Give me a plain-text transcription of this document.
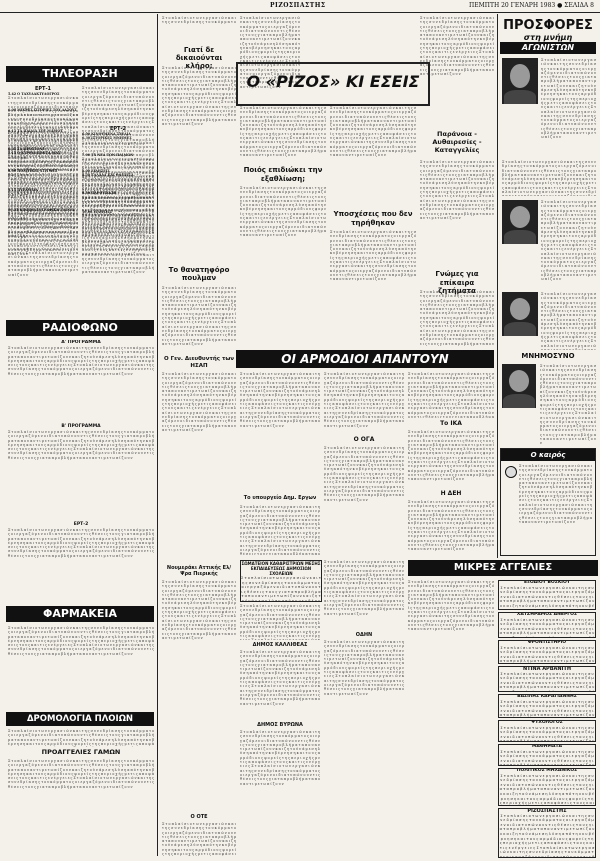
ΡΙΖΟΣΠΑΣΤΗΣ	ΠΕΜΠΤΗ 20 ΓΕΝΑΡΗ 1983 ● ΣΕΛΙΔΑ 8
ΤΗΛΕΟΡΑΣΗ
ΕΡΤ-1
5.42 Ο ΤΑΧΥΔΑΚΤΥΛΟΓΡΟΣ
Σ τ ο π λ α ί σ ι ο τ ω ν ε ρ γ α σ ι ώ ν κ α ι τ η ς σ υ ν ε δ ρ ί α σ η ς τ ο υ κ ό μ μ α τ ο ς ο ι ε ρ γ α ζ ό μ ε ν ο ι δ ι α τ υ π ώ ν ο υ ν τ ι ς θ έ σ ε ι ς τ ο υ ς γ ι α τ α π ρ ο β λ ή μ α τ α π ο υ α ν τ ι μ ε τ ω π ί ζ ο υ ν κ α ι ζ η τ ο ύ ν ά μ ε σ η λ ύ σ η α π ό τ η ν κ υ β έ ρ ν η σ η κ α ι τ ο υ ς α ρ μ ό δ ι ο υ ς φ ο ρ ε ί ς τ η ς π ε ρ ι ο χ ή ς μ ε τ ι ς α π ο φ ά σ ε ι ς τ ο υ ς κ α ι τ ι ς ε ν έ ρ γ ε ι ε ς Σ τ ο π λ α ί σ ι ο τ ω ν ε ρ γ α σ ι ώ ν κ α ι τ η ς σ υ ν ε δ ρ ί α σ η ς τ ο υ κ ό μ μ α τ ο ς ο ι ε ρ γ α ζ ό μ ε ν ο ι δ ι α τ υ π ώ ν ο υ ν τ ι ς θ έ σ ε ι ς τ ο υ ς γ ι α τ α π ρ ο β λ ή μ α τ α π ο υ α ν τ ι μ ε τ ω π ί ζ ο υ ν
6.00 ΜΙΚΡΕΣ ΙΣΤΟΡΙΕΣ ΤΟΥ ΔΑΣΟΥΣ
Σ τ ο π λ α ί σ ι ο τ ω ν ε ρ γ α σ ι ώ ν κ α ι τ η ς σ υ ν ε δ ρ ί α σ η ς τ ο υ κ ό μ μ α τ ο ς ο ι ε ρ γ α ζ ό μ ε ν ο ι δ ι α τ υ π ώ ν ο υ ν τ ι ς θ έ σ ε ι ς τ ο υ ς γ ι α τ α π ρ ο β λ ή μ α τ α π ο υ α ν τ ι μ ε τ ω π ί ζ ο υ ν κ α ι ζ η τ ο ύ ν ά μ ε σ η λ ύ σ η α π ό τ η ν κ υ β έ ρ ν η σ η κ α ι τ ο υ ς α ρ μ ό δ ι ο υ ς φ ο ρ ε ί ς τ η ς π ε ρ ι ο χ ή ς μ ε τ ι ς α π ο φ ά σ ε ι ς τ ο υ ς κ α ι τ ι ς ε ν έ ρ γ ε ι ε ς Σ τ ο π λ α ί σ ι ο τ ω ν ε ρ γ α σ ι ώ ν κ α ι τ η ς σ υ ν ε δ ρ ί α σ η ς τ ο υ κ ό μ μ α τ ο ς ο ι ε ρ γ α ζ ό μ ε ν ο ι δ ι α τ υ π ώ ν ο υ ν τ ι ς θ έ σ ε ι ς τ ο υ ς γ ι α τ α π ρ ο β λ ή μ α τ α π ο υ α ν τ ι μ ε τ ω π ί ζ ο υ ν
6.15 ΤΑ ΠΑΙΔΙΑ ΤΟΥ ΜΑΡΙΟΥ
Σ τ ο π λ α ί σ ι ο τ ω ν ε ρ γ α σ ι ώ ν κ α ι τ η ς σ υ ν ε δ ρ ί α σ η ς τ ο υ κ ό μ μ α τ ο ς ο ι ε ρ γ α ζ ό μ ε ν ο ι δ ι α τ υ π ώ ν ο υ ν τ ι ς θ έ σ ε ι ς τ ο υ ς γ ι α τ α π ρ ο β λ ή μ α τ α π ο υ α ν τ ι μ ε τ ω π ί ζ ο υ ν κ α ι ζ η τ ο ύ ν ά μ ε σ η λ ύ σ η α π ό τ η ν κ υ β έ ρ ν η σ η κ α ι τ ο υ ς α ρ μ ό δ ι ο υ ς φ ο ρ ε ί ς τ η ς π ε ρ ι ο χ ή ς μ ε τ ι ς α π ο φ ά σ ε ι ς τ ο υ ς κ α ι τ ι ς ε ν έ ρ γ ε ι ε ς Σ τ ο π λ α ί σ ι ο τ ω ν ε ρ γ α σ ι ώ ν κ α ι τ η ς σ υ ν ε δ ρ ί α σ η ς τ ο υ κ ό μ μ α τ ο ς ο ι ε ρ γ α ζ ό μ ε ν ο ι δ ι α τ υ π ώ ν ο υ ν τ ι ς θ έ σ ε ι ς τ ο υ ς γ ι α τ α π ρ ο β λ ή μ α τ α π ο υ α ν τ ι μ ε τ ω π ί ζ ο υ ν
6.35 ΤΑ ΠΡΟΣΤΟΝΙ
7.15 Ο ΚΥΡΙΟΣ ΚΟΝΤΑ ΜΑΣ
Σ τ ο π λ α ί σ ι ο τ ω ν ε ρ γ α σ ι ώ ν κ α ι τ η ς σ υ ν ε δ ρ ί α σ η ς τ ο υ κ ό μ μ α τ ο ς ο ι ε ρ γ α ζ ό μ ε ν ο ι δ ι α τ υ π ώ ν ο υ ν τ ι ς θ έ σ ε ι ς τ ο υ ς γ ι α τ α π ρ ο β λ ή μ α τ α π ο υ α ν τ ι μ ε τ ω π ί ζ ο υ ν κ α ι ζ η τ ο ύ ν ά μ ε σ η λ ύ σ η α π ό τ η ν κ υ β έ ρ ν η σ η κ α ι τ ο υ ς α ρ μ ό δ ι ο υ ς φ ο ρ ε ί ς τ η ς π ε ρ ι ο χ ή ς μ ε τ ι ς α π ο φ ά σ ε ι ς τ ο υ ς κ α ι τ ι ς ε ν έ ρ γ ε ι ε ς Σ τ ο π λ α ί σ ι ο τ ω ν ε ρ γ α σ ι ώ ν κ α ι τ η ς σ υ ν ε δ ρ ί α σ η ς τ ο υ κ ό μ μ α τ ο ς ο ι ε ρ γ α ζ ό μ ε ν ο ι δ ι α τ υ π ώ ν ο υ ν τ ι ς θ έ σ ε ι ς τ ο υ ς γ ι α τ α π ρ ο β λ ή μ α τ α π ο υ α ν τ ι μ ε τ ω π ί ζ ο υ ν
8.00 ΠΟΛΙΤΙΚΕΣ ΣΤΙΓΜΕΣ
Σ τ ο π λ α ί σ ι ο τ ω ν ε ρ γ α σ ι ώ ν κ α ι τ η ς σ υ ν ε δ ρ ί α σ η ς τ ο υ κ ό μ μ α τ ο ς ο ι ε ρ γ α ζ ό μ ε ν ο ι δ ι α τ υ π ώ ν ο υ ν τ ι ς θ έ σ ε ι ς τ ο υ ς γ ι α τ α π ρ ο β λ ή μ α τ α π ο υ α ν τ ι μ ε τ ω π ί ζ ο υ ν κ α ι ζ η τ ο ύ ν ά μ ε σ η λ ύ σ η α π ό τ η ν κ υ β έ ρ ν η σ η κ α ι τ ο υ ς α ρ μ ό δ ι ο υ ς φ ο ρ ε ί ς τ η ς π ε ρ ι ο χ ή ς μ ε τ ι ς α π ο φ ά σ ε ι ς τ ο υ ς κ α ι τ ι ς ε ν έ ρ γ ε ι ε ς Σ τ ο π λ α ί σ ι ο τ ω ν ε ρ γ α σ ι ώ ν κ α ι τ η ς σ υ ν ε δ ρ ί α σ η ς τ ο υ κ ό μ μ α τ ο ς ο ι ε ρ γ α ζ ό μ ε ν ο ι δ ι α τ υ π ώ ν ο υ ν τ ι ς θ έ σ ε ι ς τ ο υ ς γ ι α τ α π ρ ο β λ ή μ α τ α π ο υ α ν τ ι μ ε τ ω π ί ζ ο υ ν
9.15 ΠΥΡΑΜΙΔΑ
Σ τ ο π λ α ί σ ι ο τ ω ν ε ρ γ α σ ι ώ ν κ α ι τ η ς σ υ ν ε δ ρ ί α σ η ς τ ο υ κ ό μ μ α τ ο ς ο ι ε ρ γ α ζ ό μ ε ν ο ι δ ι α τ υ π ώ ν ο υ ν τ ι ς θ έ σ ε ι ς τ ο υ ς γ ι α τ α π ρ ο β λ ή μ α τ α π ο υ α ν τ ι μ ε τ ω π ί ζ ο υ ν κ α ι ζ η τ ο ύ ν ά μ ε σ η λ ύ σ η α π ό τ η ν κ υ β έ ρ ν η σ η κ α ι τ ο υ ς α ρ μ ό δ ι ο υ ς φ ο ρ ε ί ς τ η ς π ε ρ ι ο χ ή ς μ ε τ ι ς α π ο φ ά σ ε ι ς τ ο υ ς κ α ι τ ι ς ε ν έ ρ γ ε ι ε ς Σ τ ο π λ α ί σ ι ο τ ω ν ε ρ γ α σ ι ώ ν κ α ι τ η ς σ υ ν ε δ ρ ί α σ η ς τ ο υ κ ό μ μ α τ ο ς ο ι ε ρ γ α ζ ό μ ε ν ο ι δ ι α τ υ π ώ ν ο υ ν τ ι ς θ έ σ ε ι ς τ ο υ ς γ ι α τ α π ρ ο β λ ή μ α τ α π ο υ α ν τ ι μ ε τ ω π ί ζ ο υ ν
10.35 ΚΙΝΗΜΑΤΟΓΡΑΦΙΚΗ ΤΑΙΝΙΑ
Σ τ ο π λ α ί σ ι ο τ ω ν ε ρ γ α σ ι ώ ν κ α ι τ η ς σ υ ν ε δ ρ ί α σ η ς τ ο υ κ ό μ μ α τ ο ς ο ι ε ρ γ α ζ ό μ ε ν ο ι δ ι α τ υ π ώ ν ο υ ν τ ι ς θ έ σ ε ι ς τ ο υ ς γ ι α τ α π ρ ο β λ ή μ α τ α π ο υ α ν τ ι μ ε τ ω π ί ζ ο υ ν κ α ι ζ η τ ο ύ ν ά μ ε σ η λ ύ σ η α π ό τ η ν κ υ β έ ρ ν η σ η κ α ι τ ο υ ς α ρ μ ό δ ι ο υ ς φ ο ρ ε ί ς τ η ς π ε ρ ι ο χ ή ς μ ε τ ι ς α π ο φ ά σ ε ι ς τ ο υ ς κ α ι τ ι ς ε ν έ ρ γ ε ι ε ς Σ τ ο π λ α ί σ ι ο τ ω ν ε ρ γ α σ ι ώ ν κ α ι τ η ς σ υ ν ε δ ρ ί α σ η ς τ ο υ κ ό μ μ α τ ο ς ο ι ε ρ γ α ζ ό μ ε ν ο ι δ ι α τ υ π ώ ν ο υ ν τ ι ς θ έ σ ε ι ς τ ο υ ς γ ι α τ α π ρ ο β λ ή μ α τ α π ο υ α ν τ ι μ ε τ ω π ί ζ ο υ ν
Σ τ ο π λ α ί σ ι ο τ ω ν ε ρ γ α σ ι ώ ν κ α ι τ η ς σ υ ν ε δ ρ ί α σ η ς τ ο υ κ ό μ μ α τ ο ς ο ι ε ρ γ α ζ ό μ ε ν ο ι δ ι α τ υ π ώ ν ο υ ν τ ι ς θ έ σ ε ι ς τ ο υ ς γ ι α τ α π ρ ο β λ ή μ α τ α π ο υ α ν τ ι μ ε τ ω π ί ζ ο υ ν κ α ι ζ η τ ο ύ ν ά μ ε σ η λ ύ σ η α π ό τ η ν κ υ β έ ρ ν η σ η κ α ι τ ο υ ς α ρ μ ό δ ι ο υ ς φ ο ρ ε ί ς τ η ς π ε ρ ι ο χ ή ς μ ε τ ι ς α π ο φ ά σ ε ι ς τ ο υ ς κ α ι τ ι ς ε ν έ ρ γ ε ι ε ς Σ τ ο π λ α ί σ ι ο τ ω ν ε ρ γ α σ ι ώ ν κ α ι τ η ς σ υ ν ε δ ρ ί α σ η ς τ ο υ κ ό μ μ α τ ο ς ο ι ε ρ γ α ζ ό μ ε ν ο ι δ ι α τ υ π ώ ν ο υ ν τ ι ς θ έ σ ε ι ς τ ο υ ς γ ι α τ α π ρ ο β λ ή μ α τ α π ο υ α ν τ ι μ ε τ ω π ί ζ ο υ ν
ΕΡΤ-2
6.00 ΚΙΝΟΥΜΕΝΑ ΣΧΕΔΙΑ
6.30 ΙΣΤΟΡΙΚΕΣ ΜΝΗΜΕΣ
Σ τ ο π λ α ί σ ι ο τ ω ν ε ρ γ α σ ι ώ ν κ α ι τ η ς σ υ ν ε δ ρ ί α σ η ς τ ο υ κ ό μ μ α τ ο ς ο ι ε ρ γ α ζ ό μ ε ν ο ι δ ι α τ υ π ώ ν ο υ ν τ ι ς θ έ σ ε ι ς τ ο υ ς γ ι α τ α π ρ ο β λ ή μ α τ α π ο υ α ν τ ι μ ε τ ω π ί ζ ο υ ν κ α ι ζ η τ ο ύ ν ά μ ε σ η λ ύ σ η α π ό τ η ν κ υ β έ ρ ν η σ η κ α ι τ ο υ ς α ρ μ ό δ ι ο υ ς φ ο ρ ε ί ς τ η ς π ε ρ ι ο χ ή ς μ ε τ ι ς α π ο φ ά σ ε ι ς τ ο υ ς κ α ι τ ι ς ε ν έ ρ γ ε ι ε ς Σ τ ο π λ α ί σ ι ο τ ω ν ε ρ γ α σ ι ώ ν κ α ι τ η ς σ υ ν ε δ ρ ί α σ η ς τ ο υ κ ό μ μ α τ ο ς ο ι ε ρ γ α ζ ό μ ε ν ο ι δ ι α τ υ π ώ ν ο υ ν τ ι ς θ έ σ ε ι ς τ ο υ ς γ ι α τ α π ρ ο β λ ή μ α τ α π ο υ α ν τ ι μ ε τ ω π ί ζ ο υ ν
7.00 ΤΑ ΝΕΑ ΤΩΝ ΠΑΙΔΙΩΝ
Σ τ ο π λ α ί σ ι ο τ ω ν ε ρ γ α σ ι ώ ν κ α ι τ η ς σ υ ν ε δ ρ ί α σ η ς τ ο υ κ ό μ μ α τ ο ς ο ι ε ρ γ α ζ ό μ ε ν ο ι δ ι α τ υ π ώ ν ο υ ν τ ι ς θ έ σ ε ι ς τ ο υ ς γ ι α τ α π ρ ο β λ ή μ α τ α π ο υ α ν τ ι μ ε τ ω π ί ζ ο υ ν κ α ι ζ η τ ο ύ ν ά μ ε σ η λ ύ σ η α π ό τ η ν κ υ β έ ρ ν η σ η κ α ι τ ο υ ς α ρ μ ό δ ι ο υ ς φ ο ρ ε ί ς τ η ς π ε ρ ι ο χ ή ς μ ε τ ι ς α π ο φ ά σ ε ι ς τ ο υ ς κ α ι τ ι ς ε ν έ ρ γ ε ι ε ς Σ τ ο π λ α ί σ ι ο τ ω ν ε ρ γ α σ ι ώ ν κ α ι τ η ς σ υ ν ε δ ρ ί α σ η ς τ ο υ κ ό μ μ α τ ο ς ο ι ε ρ γ α ζ ό μ ε ν ο ι δ ι α τ υ π ώ ν ο υ ν τ ι ς θ έ σ ε ι ς τ ο υ ς γ ι α τ α π ρ ο β λ ή μ α τ α π ο υ α ν τ ι μ ε τ ω π ί ζ ο υ ν
8.00 ΕΙΔΗΣΕΙΣ
8.30 ΕΛΛΑΔΑ ΚΑΙ ΘΑΛΑΣΣΑ
Σ τ ο π λ α ί σ ι ο τ ω ν ε ρ γ α σ ι ώ ν κ α ι τ η ς σ υ ν ε δ ρ ί α σ η ς τ ο υ κ ό μ μ α τ ο ς ο ι ε ρ γ α ζ ό μ ε ν ο ι δ ι α τ υ π ώ ν ο υ ν τ ι ς θ έ σ ε ι ς τ ο υ ς γ ι α τ α π ρ ο β λ ή μ α τ α π ο υ α ν τ ι μ ε τ ω π ί ζ ο υ ν κ α ι ζ η τ ο ύ ν ά μ ε σ η λ ύ σ η α π ό τ η ν κ υ β έ ρ ν η σ η κ α ι τ ο υ ς α ρ μ ό δ ι ο υ ς φ ο ρ ε ί ς τ η ς π ε ρ ι ο χ ή ς μ ε τ ι ς α π ο φ ά σ ε ι ς τ ο υ ς κ α ι τ ι ς ε ν έ ρ γ ε ι ε ς Σ τ ο π λ α ί σ ι ο τ ω ν ε ρ γ α σ ι ώ ν κ α ι τ η ς σ υ ν ε δ ρ ί α σ η ς τ ο υ κ ό μ μ α τ ο ς ο ι ε ρ γ α ζ ό μ ε ν ο ι δ ι α τ υ π ώ ν ο υ ν τ ι ς θ έ σ ε ι ς τ ο υ ς γ ι α τ α π ρ ο β λ ή μ α τ α π ο υ α ν τ ι μ ε τ ω π ί ζ ο υ ν
9.30 ΠΑΡΟΥΣΙΑΣΗ
Σ τ ο π λ α ί σ ι ο τ ω ν ε ρ γ α σ ι ώ ν κ α ι τ η ς σ υ ν ε δ ρ ί α σ η ς τ ο υ κ ό μ μ α τ ο ς ο ι ε ρ γ α ζ ό μ ε ν ο ι δ ι α τ υ π ώ ν ο υ ν τ ι ς θ έ σ ε ι ς τ ο υ ς γ ι α τ α π ρ ο β λ ή μ α τ α π ο υ α ν τ ι μ ε τ ω π ί ζ ο υ ν κ α ι ζ η τ ο ύ ν ά μ ε σ η λ ύ σ η α π ό τ η ν κ υ β έ ρ ν η σ η κ α ι τ ο υ ς α ρ μ ό δ ι ο υ ς φ ο ρ ε ί ς τ η ς π ε ρ ι ο χ ή ς μ ε τ ι ς α π ο φ ά σ ε ι ς τ ο υ ς κ α ι τ ι ς ε ν έ ρ γ ε ι ε ς Σ τ ο π λ α ί σ ι ο τ ω ν ε ρ γ α σ ι ώ ν κ α ι τ η ς σ υ ν ε δ ρ ί α σ η ς τ ο υ κ ό μ μ α τ ο ς ο ι ε ρ γ α ζ ό μ ε ν ο ι δ ι α τ υ π ώ ν ο υ ν τ ι ς θ έ σ ε ι ς τ ο υ ς γ ι α τ α π ρ ο β λ ή μ α τ α π ο υ α ν τ ι μ ε τ ω π ί ζ ο υ ν
10.00 ΕΙΔΗΣΕΙΣ
Σ τ ο π λ α ί σ ι ο τ ω ν ε ρ γ α σ ι ώ ν κ α ι τ η ς σ υ ν ε δ ρ ί α σ η ς τ ο υ κ ό μ μ α τ ο ς ο ι ε ρ γ α ζ ό μ ε ν ο ι δ ι α τ υ π ώ ν ο υ ν τ ι ς θ έ σ ε ι ς τ ο υ ς γ ι α τ α π ρ ο β λ ή μ α τ α π ο υ α ν τ ι μ ε τ ω π ί ζ ο υ ν κ α ι ζ η τ ο ύ ν ά μ ε σ η λ ύ σ η α π ό τ η ν κ υ β έ ρ ν η σ η κ α ι τ ο υ ς α ρ μ ό δ ι ο υ ς φ ο ρ ε ί ς τ η ς π ε ρ ι ο χ ή ς μ ε τ ι ς α π ο φ ά σ ε ι ς τ ο υ ς κ α ι τ ι ς ε ν έ ρ γ ε ι ε ς Σ τ ο π λ α ί σ ι ο τ ω ν ε ρ γ α σ ι ώ ν κ α ι τ η ς σ υ ν ε δ ρ ί α σ η ς τ ο υ κ ό μ μ α τ ο ς ο ι ε ρ γ α ζ ό μ ε ν ο ι δ ι α τ υ π ώ ν ο υ ν τ ι ς θ έ σ ε ι ς τ ο υ ς γ ι α τ α π ρ ο β λ ή μ α τ α π ο υ α ν τ ι μ ε τ ω π ί ζ ο υ ν
ΡΑΔΙΟΦΩΝΟ
Α' ΠΡΟΓΡΑΜΜΑ
Σ τ ο π λ α ί σ ι ο τ ω ν ε ρ γ α σ ι ώ ν κ α ι τ η ς σ υ ν ε δ ρ ί α σ η ς τ ο υ κ ό μ μ α τ ο ς ο ι ε ρ γ α ζ ό μ ε ν ο ι δ ι α τ υ π ώ ν ο υ ν τ ι ς θ έ σ ε ι ς τ ο υ ς γ ι α τ α π ρ ο β λ ή μ α τ α π ο υ α ν τ ι μ ε τ ω π ί ζ ο υ ν κ α ι ζ η τ ο ύ ν ά μ ε σ η λ ύ σ η α π ό τ η ν κ υ β έ ρ ν η σ η κ α ι τ ο υ ς α ρ μ ό δ ι ο υ ς φ ο ρ ε ί ς τ η ς π ε ρ ι ο χ ή ς μ ε τ ι ς α π ο φ ά σ ε ι ς τ ο υ ς κ α ι τ ι ς ε ν έ ρ γ ε ι ε ς Σ τ ο π λ α ί σ ι ο τ ω ν ε ρ γ α σ ι ώ ν κ α ι τ η ς σ υ ν ε δ ρ ί α σ η ς τ ο υ κ ό μ μ α τ ο ς ο ι ε ρ γ α ζ ό μ ε ν ο ι δ ι α τ υ π ώ ν ο υ ν τ ι ς θ έ σ ε ι ς τ ο υ ς γ ι α τ α π ρ ο β λ ή μ α τ α π ο υ α ν τ ι μ ε τ ω π ί ζ ο υ ν
Β' ΠΡΟΓΡΑΜΜΑ
Σ τ ο π λ α ί σ ι ο τ ω ν ε ρ γ α σ ι ώ ν κ α ι τ η ς σ υ ν ε δ ρ ί α σ η ς τ ο υ κ ό μ μ α τ ο ς ο ι ε ρ γ α ζ ό μ ε ν ο ι δ ι α τ υ π ώ ν ο υ ν τ ι ς θ έ σ ε ι ς τ ο υ ς γ ι α τ α π ρ ο β λ ή μ α τ α π ο υ α ν τ ι μ ε τ ω π ί ζ ο υ ν κ α ι ζ η τ ο ύ ν ά μ ε σ η λ ύ σ η α π ό τ η ν κ υ β έ ρ ν η σ η κ α ι τ ο υ ς α ρ μ ό δ ι ο υ ς φ ο ρ ε ί ς τ η ς π ε ρ ι ο χ ή ς μ ε τ ι ς α π ο φ ά σ ε ι ς τ ο υ ς κ α ι τ ι ς ε ν έ ρ γ ε ι ε ς Σ τ ο π λ α ί σ ι ο τ ω ν ε ρ γ α σ ι ώ ν κ α ι τ η ς σ υ ν ε δ ρ ί α σ η ς τ ο υ κ ό μ μ α τ ο ς ο ι ε ρ γ α ζ ό μ ε ν ο ι δ ι α τ υ π ώ ν ο υ ν τ ι ς θ έ σ ε ι ς τ ο υ ς γ ι α τ α π ρ ο β λ ή μ α τ α π ο υ α ν τ ι μ ε τ ω π ί ζ ο υ ν
ΕΡΤ-2
Σ τ ο π λ α ί σ ι ο τ ω ν ε ρ γ α σ ι ώ ν κ α ι τ η ς σ υ ν ε δ ρ ί α σ η ς τ ο υ κ ό μ μ α τ ο ς ο ι ε ρ γ α ζ ό μ ε ν ο ι δ ι α τ υ π ώ ν ο υ ν τ ι ς θ έ σ ε ι ς τ ο υ ς γ ι α τ α π ρ ο β λ ή μ α τ α π ο υ α ν τ ι μ ε τ ω π ί ζ ο υ ν κ α ι ζ η τ ο ύ ν ά μ ε σ η λ ύ σ η α π ό τ η ν κ υ β έ ρ ν η σ η κ α ι τ ο υ ς α ρ μ ό δ ι ο υ ς φ ο ρ ε ί ς τ η ς π ε ρ ι ο χ ή ς μ ε τ ι ς α π ο φ ά σ ε ι ς τ ο υ ς κ α ι τ ι ς ε ν έ ρ γ ε ι ε ς Σ τ ο π λ α ί σ ι ο τ ω ν ε ρ γ α σ ι ώ ν κ α ι τ η ς σ υ ν ε δ ρ ί α σ η ς τ ο υ κ ό μ μ α τ ο ς ο ι ε ρ γ α ζ ό μ ε ν ο ι δ ι α τ υ π ώ ν ο υ ν τ ι ς θ έ σ ε ι ς τ ο υ ς γ ι α τ α π ρ ο β λ ή μ α τ α π ο υ α ν τ ι μ ε τ ω π ί ζ ο υ ν
ΦΑΡΜΑΚΕΙΑ
Σ τ ο π λ α ί σ ι ο τ ω ν ε ρ γ α σ ι ώ ν κ α ι τ η ς σ υ ν ε δ ρ ί α σ η ς τ ο υ κ ό μ μ α τ ο ς ο ι ε ρ γ α ζ ό μ ε ν ο ι δ ι α τ υ π ώ ν ο υ ν τ ι ς θ έ σ ε ι ς τ ο υ ς γ ι α τ α π ρ ο β λ ή μ α τ α π ο υ α ν τ ι μ ε τ ω π ί ζ ο υ ν κ α ι ζ η τ ο ύ ν ά μ ε σ η λ ύ σ η α π ό τ η ν κ υ β έ ρ ν η σ η κ α ι τ ο υ ς α ρ μ ό δ ι ο υ ς φ ο ρ ε ί ς τ η ς π ε ρ ι ο χ ή ς μ ε τ ι ς α π ο φ ά σ ε ι ς τ ο υ ς κ α ι τ ι ς ε ν έ ρ γ ε ι ε ς Σ τ ο π λ α ί σ ι ο τ ω ν ε ρ γ α σ ι ώ ν κ α ι τ η ς σ υ ν ε δ ρ ί α σ η ς τ ο υ κ ό μ μ α τ ο ς ο ι ε ρ γ α ζ ό μ ε ν ο ι δ ι α τ υ π ώ ν ο υ ν τ ι ς θ έ σ ε ι ς τ ο υ ς γ ι α τ α π ρ ο β λ ή μ α τ α π ο υ α ν τ ι μ ε τ ω π ί ζ ο υ ν
ΔΡΟΜΟΛΟΓΙΑ ΠΛΟΙΩΝ
Σ τ ο π λ α ί σ ι ο τ ω ν ε ρ γ α σ ι ώ ν κ α ι τ η ς σ υ ν ε δ ρ ί α σ η ς τ ο υ κ ό μ μ α τ ο ς ο ι ε ρ γ α ζ ό μ ε ν ο ι δ ι α τ υ π ώ ν ο υ ν τ ι ς θ έ σ ε ι ς τ ο υ ς γ ι α τ α π ρ ο β λ ή μ α τ α π ο υ α ν τ ι μ ε τ ω π ί ζ ο υ ν κ α ι ζ η τ ο ύ ν ά μ ε σ η λ ύ σ η α π ό τ η ν κ υ β έ ρ ν η σ η κ α ι τ ο υ ς α ρ μ ό δ ι ο υ ς φ ο ρ ε ί ς τ η ς π ε ρ ι ο χ ή ς μ ε τ ι ς α π ο φ ά σ ε ι ς τ ο υ ς κ α ι τ ι ς ε ν έ ρ γ ε ι ε ς Σ τ ο π λ α ί σ ι ο τ ω ν ε ρ γ α σ ι ώ ν κ α ι τ η ς σ υ ν ε δ ρ ί α σ η ς τ ο υ κ ό μ μ α τ ο ς ο ι ε ρ γ α ζ ό μ ε ν ο ι δ ι α τ υ π ώ ν ο υ ν τ ι ς θ έ σ ε ι ς τ ο υ ς γ ι α τ α π ρ ο β λ ή μ α τ α π ο υ α ν τ ι μ ε τ ω π ί ζ ο υ ν
ΠΡΟΑΓΓΕΛΙΕΣ ΓΑΜΩΝ
Σ τ ο π λ α ί σ ι ο τ ω ν ε ρ γ α σ ι ώ ν κ α ι τ η ς σ υ ν ε δ ρ ί α σ η ς τ ο υ κ ό μ μ α τ ο ς ο ι ε ρ γ α ζ ό μ ε ν ο ι δ ι α τ υ π ώ ν ο υ ν τ ι ς θ έ σ ε ι ς τ ο υ ς γ ι α τ α π ρ ο β λ ή μ α τ α π ο υ α ν τ ι μ ε τ ω π ί ζ ο υ ν κ α ι ζ η τ ο ύ ν ά μ ε σ η λ ύ σ η α π ό τ η ν κ υ β έ ρ ν η σ η κ α ι τ ο υ ς α ρ μ ό δ ι ο υ ς φ ο ρ ε ί ς τ η ς π ε ρ ι ο χ ή ς μ ε τ ι ς α π ο φ ά σ ε ι ς τ ο υ ς κ α ι τ ι ς ε ν έ ρ γ ε ι ε ς Σ τ ο π λ α ί σ ι ο τ ω ν ε ρ γ α σ ι ώ ν κ α ι τ η ς σ υ ν ε δ ρ ί α σ η ς τ ο υ κ ό μ μ α τ ο ς ο ι ε ρ γ α ζ ό μ ε ν ο ι δ ι α τ υ π ώ ν ο υ ν τ ι ς θ έ σ ε ι ς τ ο υ ς γ ι α τ α π ρ ο β λ ή μ α τ α π ο υ α ν τ ι μ ε τ ω π ί ζ ο υ ν
Σ τ ο π λ α ί σ ι ο τ ω ν ε ρ γ α σ ι ώ ν κ α ι τ η ς σ υ ν ε δ ρ ί α σ η ς τ ο υ κ ό μ μ α τ ο ς ο ι ε ρ γ α ζ ό μ ε ν ο ι δ ι α τ υ π ώ ν ο υ ν τ ι ς θ έ σ ε ι ς τ ο υ ς γ ι α τ α π ρ ο β λ ή μ α τ α π ο υ α ν τ ι μ ε τ ω π ί ζ ο υ ν κ α ι ζ η τ ο ύ ν ά μ ε σ η λ ύ σ η α π ό τ η ν κ υ β έ ρ ν η σ η κ α ι τ ο υ ς α ρ μ ό δ ι ο υ ς φ ο ρ ε ί ς τ η ς π ε ρ ι ο χ ή ς μ ε τ ι ς α π ο φ ά σ ε ι ς τ ο υ ς κ α ι τ ι ς ε ν έ ρ γ ε ι ε ς Σ τ ο π λ α ί σ ι ο τ ω ν ε ρ γ α σ ι ώ ν κ α ι τ η ς σ υ ν ε δ ρ ί α σ η ς τ ο υ κ ό μ μ α τ ο ς ο ι ε ρ γ α ζ ό μ ε ν ο ι δ ι α τ υ π ώ ν ο υ ν τ ι ς θ έ σ ε ι ς τ ο υ ς γ ι α τ α π ρ ο β λ ή μ α τ α π ο υ α ν τ ι μ ε τ ω π ί ζ ο υ ν
Γιατί δε δικαιούνται κλήρο;
Σ τ ο π λ α ί σ ι ο τ ω ν ε ρ γ α σ ι ώ ν κ α ι τ η ς σ υ ν ε δ ρ ί α σ η ς τ ο υ κ ό μ μ α τ ο ς ο ι ε ρ γ α ζ ό μ ε ν ο ι δ ι α τ υ π ώ ν ο υ ν τ ι ς θ έ σ ε ι ς τ ο υ ς γ ι α τ α π ρ ο β λ ή μ α τ α π ο υ α ν τ ι μ ε τ ω π ί ζ ο υ ν κ α ι ζ η τ ο ύ ν ά μ ε σ η λ ύ σ η α π ό τ η ν κ υ β έ ρ ν η σ η κ α ι τ ο υ ς α ρ μ ό δ ι ο υ ς φ ο ρ ε ί ς τ η ς π ε ρ ι ο χ ή ς μ ε τ ι ς α π ο φ ά σ ε ι ς τ ο υ ς κ α ι τ ι ς ε ν έ ρ γ ε ι ε ς Σ τ ο π λ α ί σ ι ο τ ω ν ε ρ γ α σ ι ώ ν κ α ι τ η ς σ υ ν ε δ ρ ί α σ η ς τ ο υ κ ό μ μ α τ ο ς ο ι ε ρ γ α ζ ό μ ε ν ο ι δ ι α τ υ π ώ ν ο υ ν τ ι ς θ έ σ ε ι ς τ ο υ ς γ ι α τ α π ρ ο β λ ή μ α τ α π ο υ α ν τ ι μ ε τ ω π ί ζ ο υ ν
Σ τ ο π λ α ί σ ι ο τ ω ν ε ρ γ α σ ι ώ ν κ α ι τ η ς σ υ ν ε δ ρ ί α σ η ς τ ο υ κ ό μ μ α τ ο ς ο ι ε ρ γ α ζ ό μ ε ν ο ι δ ι α τ υ π ώ ν ο υ ν τ ι ς θ έ σ ε ι ς τ ο υ ς γ ι α τ α π ρ ο β λ ή μ α τ α π ο υ α ν τ ι μ ε τ ω π ί ζ ο υ ν κ α ι ζ η τ ο ύ ν ά μ ε σ η λ ύ σ η α π ό τ η ν κ υ β έ ρ ν η σ η κ α ι τ ο υ ς α ρ μ ό δ ι ο υ ς φ ο ρ ε ί ς τ η ς π ε ρ ι ο χ ή ς μ ε τ ι ς α π ο φ ά σ ε ι ς τ ο υ ς κ α ι τ ι ς ε ν έ ρ γ ε ι ε ς Σ τ ο π λ α ί σ ι ο τ ω ν ε ρ γ α σ ι ώ ν κ α ι τ η ς σ υ ν ε δ ρ ί α σ η ς τ ο υ κ ό μ μ α τ ο ς ο ι ε ρ γ α ζ ό μ ε ν ο ι δ ι α τ υ π ώ ν ο υ ν τ ι ς θ έ σ ε ι ς τ ο υ ς γ ι α τ α π ρ ο β λ ή μ α τ α π ο υ α ν τ ι μ ε τ ω π ί ζ ο υ ν
Το θανατηφόρο πουλμαν
Σ τ ο π λ α ί σ ι ο τ ω ν ε ρ γ α σ ι ώ ν κ α ι τ η ς σ υ ν ε δ ρ ί α σ η ς τ ο υ κ ό μ μ α τ ο ς ο ι ε ρ γ α ζ ό μ ε ν ο ι δ ι α τ υ π ώ ν ο υ ν τ ι ς θ έ σ ε ι ς τ ο υ ς γ ι α τ α π ρ ο β λ ή μ α τ α π ο υ α ν τ ι μ ε τ ω π ί ζ ο υ ν κ α ι ζ η τ ο ύ ν ά μ ε σ η λ ύ σ η α π ό τ η ν κ υ β έ ρ ν η σ η κ α ι τ ο υ ς α ρ μ ό δ ι ο υ ς φ ο ρ ε ί ς τ η ς π ε ρ ι ο χ ή ς μ ε τ ι ς α π ο φ ά σ ε ι ς τ ο υ ς κ α ι τ ι ς ε ν έ ρ γ ε ι ε ς Σ τ ο π λ α ί σ ι ο τ ω ν ε ρ γ α σ ι ώ ν κ α ι τ η ς σ υ ν ε δ ρ ί α σ η ς τ ο υ κ ό μ μ α τ ο ς ο ι ε ρ γ α ζ ό μ ε ν ο ι δ ι α τ υ π ώ ν ο υ ν τ ι ς θ έ σ ε ι ς τ ο υ ς γ ι α τ α π ρ ο β λ ή μ α τ α π ο υ α ν τ ι μ ε τ ω π ί ζ ο υ ν
Ο Γεν. Διευθυντής των ΗΣΑΠ
Σ τ ο π λ α ί σ ι ο τ ω ν ε ρ γ α σ ι ώ ν κ α ι τ η ς σ υ ν ε δ ρ ί α σ η ς τ ο υ κ ό μ μ α τ ο ς ο ι ε ρ γ α ζ ό μ ε ν ο ι δ ι α τ υ π ώ ν ο υ ν τ ι ς θ έ σ ε ι ς τ ο υ ς γ ι α τ α π ρ ο β λ ή μ α τ α π ο υ α ν τ ι μ ε τ ω π ί ζ ο υ ν κ α ι ζ η τ ο ύ ν ά μ ε σ η λ ύ σ η α π ό τ η ν κ υ β έ ρ ν η σ η κ α ι τ ο υ ς α ρ μ ό δ ι ο υ ς φ ο ρ ε ί ς τ η ς π ε ρ ι ο χ ή ς μ ε τ ι ς α π ο φ ά σ ε ι ς τ ο υ ς κ α ι τ ι ς ε ν έ ρ γ ε ι ε ς Σ τ ο π λ α ί σ ι ο τ ω ν ε ρ γ α σ ι ώ ν κ α ι τ η ς σ υ ν ε δ ρ ί α σ η ς τ ο υ κ ό μ μ α τ ο ς ο ι ε ρ γ α ζ ό μ ε ν ο ι δ ι α τ υ π ώ ν ο υ ν τ ι ς θ έ σ ε ι ς τ ο υ ς γ ι α τ α π ρ ο β λ ή μ α τ α π ο υ α ν τ ι μ ε τ ω π ί ζ ο υ ν
Νουμεράκι Αττικής Ελ/Ψρα Πιερικής
Σ τ ο π λ α ί σ ι ο τ ω ν ε ρ γ α σ ι ώ ν κ α ι τ η ς σ υ ν ε δ ρ ί α σ η ς τ ο υ κ ό μ μ α τ ο ς ο ι ε ρ γ α ζ ό μ ε ν ο ι δ ι α τ υ π ώ ν ο υ ν τ ι ς θ έ σ ε ι ς τ ο υ ς γ ι α τ α π ρ ο β λ ή μ α τ α π ο υ α ν τ ι μ ε τ ω π ί ζ ο υ ν κ α ι ζ η τ ο ύ ν ά μ ε σ η λ ύ σ η α π ό τ η ν κ υ β έ ρ ν η σ η κ α ι τ ο υ ς α ρ μ ό δ ι ο υ ς φ ο ρ ε ί ς τ η ς π ε ρ ι ο χ ή ς μ ε τ ι ς α π ο φ ά σ ε ι ς τ ο υ ς κ α ι τ ι ς ε ν έ ρ γ ε ι ε ς Σ τ ο π λ α ί σ ι ο τ ω ν ε ρ γ α σ ι ώ ν κ α ι τ η ς σ υ ν ε δ ρ ί α σ η ς τ ο υ κ ό μ μ α τ ο ς ο ι ε ρ γ α ζ ό μ ε ν ο ι δ ι α τ υ π ώ ν ο υ ν τ ι ς θ έ σ ε ι ς τ ο υ ς γ ι α τ α π ρ ο β λ ή μ α τ α π ο υ α ν τ ι μ ε τ ω π ί ζ ο υ ν
Ο ΟΤΕ
Σ τ ο π λ α ί σ ι ο τ ω ν ε ρ γ α σ ι ώ ν κ α ι τ η ς σ υ ν ε δ ρ ί α σ η ς τ ο υ κ ό μ μ α τ ο ς ο ι ε ρ γ α ζ ό μ ε ν ο ι δ ι α τ υ π ώ ν ο υ ν τ ι ς θ έ σ ε ι ς τ ο υ ς γ ι α τ α π ρ ο β λ ή μ α τ α π ο υ α ν τ ι μ ε τ ω π ί ζ ο υ ν κ α ι ζ η τ ο ύ ν ά μ ε σ η λ ύ σ η α π ό τ η ν κ υ β έ ρ ν η σ η κ α ι τ ο υ ς α ρ μ ό δ ι ο υ ς φ ο ρ ε ί ς τ η ς π ε ρ ι ο χ ή ς μ ε τ ι ς α π ο φ ά σ ε ι ς τ ο υ ς κ α ι τ ι ς ε ν έ ρ γ ε ι ε ς Σ τ ο π λ α ί σ ι ο τ ω ν ε ρ γ α σ ι ώ ν κ α ι τ η ς σ υ ν ε δ ρ ί α σ η ς τ ο υ κ ό μ μ α τ ο ς ο ι ε ρ γ α ζ ό μ ε ν ο ι δ ι α τ υ π ώ ν ο υ ν τ ι ς θ έ σ ε ι ς τ ο υ ς γ ι α τ α π ρ ο β λ ή μ α τ α π ο υ α ν τ ι μ ε τ ω π ί ζ ο υ ν
Ο «ΡΙΖΟΣ» ΚΙ ΕΣΕΙΣ
Σ τ ο π λ α ί σ ι ο τ ω ν ε ρ γ α σ ι ώ ν κ α ι τ η ς σ υ ν ε δ ρ ί α σ η ς τ ο υ κ ό μ μ α τ ο ς ο ι ε ρ γ α ζ ό μ ε ν ο ι δ ι α τ υ π ώ ν ο υ ν τ ι ς θ έ σ ε ι ς τ ο υ ς γ ι α τ α π ρ ο β λ ή μ α τ α π ο υ α ν τ ι μ ε τ ω π ί ζ ο υ ν κ α ι ζ η τ ο ύ ν ά μ ε σ η λ ύ σ η α π ό τ η ν κ υ β έ ρ ν η σ η κ α ι τ ο υ ς α ρ μ ό δ ι ο υ ς φ ο ρ ε ί ς τ η ς π ε ρ ι ο χ ή ς μ ε τ ι ς α π ο φ ά σ ε ι ς τ ο υ ς κ α ι τ ι ς ε ν έ ρ γ ε ι ε ς Σ τ ο π λ α ί σ ι ο τ ω ν ε ρ γ α σ ι ώ ν κ α ι τ η ς σ υ ν ε δ ρ ί α σ η ς τ ο υ κ ό μ μ α τ ο ς ο ι ε ρ γ α ζ ό μ ε ν ο ι δ ι α τ υ π ώ ν ο υ ν τ ι ς θ έ σ ε ι ς τ ο υ ς γ ι α τ α π ρ ο β λ ή μ α τ α π ο υ α ν τ ι μ ε τ ω π ί ζ ο υ ν
Ποιός επιδιώκει την εξαθλίωση;
Σ τ ο π λ α ί σ ι ο τ ω ν ε ρ γ α σ ι ώ ν κ α ι τ η ς σ υ ν ε δ ρ ί α σ η ς τ ο υ κ ό μ μ α τ ο ς ο ι ε ρ γ α ζ ό μ ε ν ο ι δ ι α τ υ π ώ ν ο υ ν τ ι ς θ έ σ ε ι ς τ ο υ ς γ ι α τ α π ρ ο β λ ή μ α τ α π ο υ α ν τ ι μ ε τ ω π ί ζ ο υ ν κ α ι ζ η τ ο ύ ν ά μ ε σ η λ ύ σ η α π ό τ η ν κ υ β έ ρ ν η σ η κ α ι τ ο υ ς α ρ μ ό δ ι ο υ ς φ ο ρ ε ί ς τ η ς π ε ρ ι ο χ ή ς μ ε τ ι ς α π ο φ ά σ ε ι ς τ ο υ ς κ α ι τ ι ς ε ν έ ρ γ ε ι ε ς Σ τ ο π λ α ί σ ι ο τ ω ν ε ρ γ α σ ι ώ ν κ α ι τ η ς σ υ ν ε δ ρ ί α σ η ς τ ο υ κ ό μ μ α τ ο ς ο ι ε ρ γ α ζ ό μ ε ν ο ι δ ι α τ υ π ώ ν ο υ ν τ ι ς θ έ σ ε ι ς τ ο υ ς γ ι α τ α π ρ ο β λ ή μ α τ α π ο υ α ν τ ι μ ε τ ω π ί ζ ο υ ν
Σ τ ο π λ α ί σ ι ο τ ω ν ε ρ γ α σ ι ώ ν κ α ι τ η ς σ υ ν ε δ ρ ί α σ η ς τ ο υ κ ό μ μ α τ ο ς ο ι ε ρ γ α ζ ό μ ε ν ο ι δ ι α τ υ π ώ ν ο υ ν τ ι ς θ έ σ ε ι ς τ ο υ ς γ ι α τ α π ρ ο β λ ή μ α τ α π ο υ α ν τ ι μ ε τ ω π ί ζ ο υ ν κ α ι ζ η τ ο ύ ν ά μ ε σ η λ ύ σ η α π ό τ η ν κ υ β έ ρ ν η σ η κ α ι τ ο υ ς α ρ μ ό δ ι ο υ ς φ ο ρ ε ί ς τ η ς π ε ρ ι ο χ ή ς μ ε τ ι ς α π ο φ ά σ ε ι ς τ ο υ ς κ α ι τ ι ς ε ν έ ρ γ ε ι ε ς Σ τ ο π λ α ί σ ι ο τ ω ν ε ρ γ α σ ι ώ ν κ α ι τ η ς σ υ ν ε δ ρ ί α σ η ς τ ο υ κ ό μ μ α τ ο ς ο ι ε ρ γ α ζ ό μ ε ν ο ι δ ι α τ υ π ώ ν ο υ ν τ ι ς θ έ σ ε ι ς τ ο υ ς γ ι α τ α π ρ ο β λ ή μ α τ α π ο υ α ν τ ι μ ε τ ω π ί ζ ο υ ν
Υποσχέσεις που δεν τηρήθηκαν
Σ τ ο π λ α ί σ ι ο τ ω ν ε ρ γ α σ ι ώ ν κ α ι τ η ς σ υ ν ε δ ρ ί α σ η ς τ ο υ κ ό μ μ α τ ο ς ο ι ε ρ γ α ζ ό μ ε ν ο ι δ ι α τ υ π ώ ν ο υ ν τ ι ς θ έ σ ε ι ς τ ο υ ς γ ι α τ α π ρ ο β λ ή μ α τ α π ο υ α ν τ ι μ ε τ ω π ί ζ ο υ ν κ α ι ζ η τ ο ύ ν ά μ ε σ η λ ύ σ η α π ό τ η ν κ υ β έ ρ ν η σ η κ α ι τ ο υ ς α ρ μ ό δ ι ο υ ς φ ο ρ ε ί ς τ η ς π ε ρ ι ο χ ή ς μ ε τ ι ς α π ο φ ά σ ε ι ς τ ο υ ς κ α ι τ ι ς ε ν έ ρ γ ε ι ε ς Σ τ ο π λ α ί σ ι ο τ ω ν ε ρ γ α σ ι ώ ν κ α ι τ η ς σ υ ν ε δ ρ ί α σ η ς τ ο υ κ ό μ μ α τ ο ς ο ι ε ρ γ α ζ ό μ ε ν ο ι δ ι α τ υ π ώ ν ο υ ν τ ι ς θ έ σ ε ι ς τ ο υ ς γ ι α τ α π ρ ο β λ ή μ α τ α π ο υ α ν τ ι μ ε τ ω π ί ζ ο υ ν
Σ τ ο π λ α ί σ ι ο τ ω ν ε ρ γ α σ ι ώ ν κ α ι τ η ς σ υ ν ε δ ρ ί α σ η ς τ ο υ κ ό μ μ α τ ο ς ο ι ε ρ γ α ζ ό μ ε ν ο ι δ ι α τ υ π ώ ν ο υ ν τ ι ς θ έ σ ε ι ς τ ο υ ς γ ι α τ α π ρ ο β λ ή μ α τ α π ο υ α ν τ ι μ ε τ ω π ί ζ ο υ ν κ α ι ζ η τ ο ύ ν ά μ ε σ η λ ύ σ η α π ό τ η ν κ υ β έ ρ ν η σ η κ α ι τ ο υ ς α ρ μ ό δ ι ο υ ς φ ο ρ ε ί ς τ η ς π ε ρ ι ο χ ή ς μ ε τ ι ς α π ο φ ά σ ε ι ς τ ο υ ς κ α ι τ ι ς ε ν έ ρ γ ε ι ε ς Σ τ ο π λ α ί σ ι ο τ ω ν ε ρ γ α σ ι ώ ν κ α ι τ η ς σ υ ν ε δ ρ ί α σ η ς τ ο υ κ ό μ μ α τ ο ς ο ι ε ρ γ α ζ ό μ ε ν ο ι δ ι α τ υ π ώ ν ο υ ν τ ι ς θ έ σ ε ι ς τ ο υ ς γ ι α τ α π ρ ο β λ ή μ α τ α π ο υ α ν τ ι μ ε τ ω π ί ζ ο υ ν
Παράνοια - Αυθαιρεσίες - Καταγγελίες
Σ τ ο π λ α ί σ ι ο τ ω ν ε ρ γ α σ ι ώ ν κ α ι τ η ς σ υ ν ε δ ρ ί α σ η ς τ ο υ κ ό μ μ α τ ο ς ο ι ε ρ γ α ζ ό μ ε ν ο ι δ ι α τ υ π ώ ν ο υ ν τ ι ς θ έ σ ε ι ς τ ο υ ς γ ι α τ α π ρ ο β λ ή μ α τ α π ο υ α ν τ ι μ ε τ ω π ί ζ ο υ ν κ α ι ζ η τ ο ύ ν ά μ ε σ η λ ύ σ η α π ό τ η ν κ υ β έ ρ ν η σ η κ α ι τ ο υ ς α ρ μ ό δ ι ο υ ς φ ο ρ ε ί ς τ η ς π ε ρ ι ο χ ή ς μ ε τ ι ς α π ο φ ά σ ε ι ς τ ο υ ς κ α ι τ ι ς ε ν έ ρ γ ε ι ε ς Σ τ ο π λ α ί σ ι ο τ ω ν ε ρ γ α σ ι ώ ν κ α ι τ η ς σ υ ν ε δ ρ ί α σ η ς τ ο υ κ ό μ μ α τ ο ς ο ι ε ρ γ α ζ ό μ ε ν ο ι δ ι α τ υ π ώ ν ο υ ν τ ι ς θ έ σ ε ι ς τ ο υ ς γ ι α τ α π ρ ο β λ ή μ α τ α π ο υ α ν τ ι μ ε τ ω π ί ζ ο υ ν
Γνώμες για επίκαιρα ζητήματα
Σ τ ο π λ α ί σ ι ο τ ω ν ε ρ γ α σ ι ώ ν κ α ι τ η ς σ υ ν ε δ ρ ί α σ η ς τ ο υ κ ό μ μ α τ ο ς ο ι ε ρ γ α ζ ό μ ε ν ο ι δ ι α τ υ π ώ ν ο υ ν τ ι ς θ έ σ ε ι ς τ ο υ ς γ ι α τ α π ρ ο β λ ή μ α τ α π ο υ α ν τ ι μ ε τ ω π ί ζ ο υ ν κ α ι ζ η τ ο ύ ν ά μ ε σ η λ ύ σ η α π ό τ η ν κ υ β έ ρ ν η σ η κ α ι τ ο υ ς α ρ μ ό δ ι ο υ ς φ ο ρ ε ί ς τ η ς π ε ρ ι ο χ ή ς μ ε τ ι ς α π ο φ ά σ ε ι ς τ ο υ ς κ α ι τ ι ς ε ν έ ρ γ ε ι ε ς Σ τ ο π λ α ί σ ι ο τ ω ν ε ρ γ α σ ι ώ ν κ α ι τ η ς σ υ ν ε δ ρ ί α σ η ς τ ο υ κ ό μ μ α τ ο ς ο ι ε ρ γ α ζ ό μ ε ν ο ι δ ι α τ υ π ώ ν ο υ ν τ ι ς θ έ σ ε ι ς τ ο υ ς γ ι α τ α π ρ ο β λ ή μ α τ α π ο υ α ν τ ι μ ε τ ω π ί ζ ο υ ν
ΟΙ ΑΡΜΟΔΙΟΙ ΑΠΑΝΤΟΥΝ
Σ τ ο π λ α ί σ ι ο τ ω ν ε ρ γ α σ ι ώ ν κ α ι τ η ς σ υ ν ε δ ρ ί α σ η ς τ ο υ κ ό μ μ α τ ο ς ο ι ε ρ γ α ζ ό μ ε ν ο ι δ ι α τ υ π ώ ν ο υ ν τ ι ς θ έ σ ε ι ς τ ο υ ς γ ι α τ α π ρ ο β λ ή μ α τ α π ο υ α ν τ ι μ ε τ ω π ί ζ ο υ ν κ α ι ζ η τ ο ύ ν ά μ ε σ η λ ύ σ η α π ό τ η ν κ υ β έ ρ ν η σ η κ α ι τ ο υ ς α ρ μ ό δ ι ο υ ς φ ο ρ ε ί ς τ η ς π ε ρ ι ο χ ή ς μ ε τ ι ς α π ο φ ά σ ε ι ς τ ο υ ς κ α ι τ ι ς ε ν έ ρ γ ε ι ε ς Σ τ ο π λ α ί σ ι ο τ ω ν ε ρ γ α σ ι ώ ν κ α ι τ η ς σ υ ν ε δ ρ ί α σ η ς τ ο υ κ ό μ μ α τ ο ς ο ι ε ρ γ α ζ ό μ ε ν ο ι δ ι α τ υ π ώ ν ο υ ν τ ι ς θ έ σ ε ι ς τ ο υ ς γ ι α τ α π ρ ο β λ ή μ α τ α π ο υ α ν τ ι μ ε τ ω π ί ζ ο υ ν
Το υπουργείο Δημ. Εργων
Σ τ ο π λ α ί σ ι ο τ ω ν ε ρ γ α σ ι ώ ν κ α ι τ η ς σ υ ν ε δ ρ ί α σ η ς τ ο υ κ ό μ μ α τ ο ς ο ι ε ρ γ α ζ ό μ ε ν ο ι δ ι α τ υ π ώ ν ο υ ν τ ι ς θ έ σ ε ι ς τ ο υ ς γ ι α τ α π ρ ο β λ ή μ α τ α π ο υ α ν τ ι μ ε τ ω π ί ζ ο υ ν κ α ι ζ η τ ο ύ ν ά μ ε σ η λ ύ σ η α π ό τ η ν κ υ β έ ρ ν η σ η κ α ι τ ο υ ς α ρ μ ό δ ι ο υ ς φ ο ρ ε ί ς τ η ς π ε ρ ι ο χ ή ς μ ε τ ι ς α π ο φ ά σ ε ι ς τ ο υ ς κ α ι τ ι ς ε ν έ ρ γ ε ι ε ς Σ τ ο π λ α ί σ ι ο τ ω ν ε ρ γ α σ ι ώ ν κ α ι τ η ς σ υ ν ε δ ρ ί α σ η ς τ ο υ κ ό μ μ α τ ο ς ο ι ε ρ γ α ζ ό μ ε ν ο ι δ ι α τ υ π ώ ν ο υ ν τ ι ς θ έ σ ε ι ς τ ο υ ς γ ι α τ α π ρ ο β λ ή μ α τ α π ο υ α ν τ ι μ ε τ ω π ί ζ ο υ ν
Σ τ ο π λ α ί σ ι ο τ ω ν ε ρ γ α σ ι ώ ν κ α ι τ η ς σ υ ν ε δ ρ ί α σ η ς τ ο υ κ ό μ μ α τ ο ς ο ι ε ρ γ α ζ ό μ ε ν ο ι δ ι α τ υ π ώ ν ο υ ν τ ι ς θ έ σ ε ι ς τ ο υ ς γ ι α τ α π ρ ο β λ ή μ α τ α π ο υ α ν τ ι μ ε τ ω π ί ζ ο υ ν κ α ι ζ η τ ο ύ ν ά μ ε σ η λ ύ σ η α π ό τ η ν κ υ β έ ρ ν η σ η κ α ι τ ο υ ς α ρ μ ό δ ι ο υ ς φ ο ρ ε ί ς τ η ς π ε ρ ι ο χ ή ς μ ε τ ι ς α π ο φ ά σ ε ι ς τ ο υ ς κ α ι τ ι ς ε ν έ ρ γ ε ι ε ς Σ τ ο π λ α ί σ ι ο τ ω ν ε ρ γ α σ ι ώ ν κ α ι τ η ς σ υ ν ε δ ρ ί α σ η ς τ ο υ κ ό μ μ α τ ο ς ο ι ε ρ γ α ζ ό μ ε ν ο ι δ ι α τ υ π ώ ν ο υ ν τ ι ς θ έ σ ε ι ς τ ο υ ς γ ι α τ α π ρ ο β λ ή μ α τ α π ο υ α ν τ ι μ ε τ ω π ί ζ ο υ ν
Ο ΟΓΑ
Σ τ ο π λ α ί σ ι ο τ ω ν ε ρ γ α σ ι ώ ν κ α ι τ η ς σ υ ν ε δ ρ ί α σ η ς τ ο υ κ ό μ μ α τ ο ς ο ι ε ρ γ α ζ ό μ ε ν ο ι δ ι α τ υ π ώ ν ο υ ν τ ι ς θ έ σ ε ι ς τ ο υ ς γ ι α τ α π ρ ο β λ ή μ α τ α π ο υ α ν τ ι μ ε τ ω π ί ζ ο υ ν κ α ι ζ η τ ο ύ ν ά μ ε σ η λ ύ σ η α π ό τ η ν κ υ β έ ρ ν η σ η κ α ι τ ο υ ς α ρ μ ό δ ι ο υ ς φ ο ρ ε ί ς τ η ς π ε ρ ι ο χ ή ς μ ε τ ι ς α π ο φ ά σ ε ι ς τ ο υ ς κ α ι τ ι ς ε ν έ ρ γ ε ι ε ς Σ τ ο π λ α ί σ ι ο τ ω ν ε ρ γ α σ ι ώ ν κ α ι τ η ς σ υ ν ε δ ρ ί α σ η ς τ ο υ κ ό μ μ α τ ο ς ο ι ε ρ γ α ζ ό μ ε ν ο ι δ ι α τ υ π ώ ν ο υ ν τ ι ς θ έ σ ε ι ς τ ο υ ς γ ι α τ α π ρ ο β λ ή μ α τ α π ο υ α ν τ ι μ ε τ ω π ί ζ ο υ ν
Σ τ ο π λ α ί σ ι ο τ ω ν ε ρ γ α σ ι ώ ν κ α ι τ η ς σ υ ν ε δ ρ ί α σ η ς τ ο υ κ ό μ μ α τ ο ς ο ι ε ρ γ α ζ ό μ ε ν ο ι δ ι α τ υ π ώ ν ο υ ν τ ι ς θ έ σ ε ι ς τ ο υ ς γ ι α τ α π ρ ο β λ ή μ α τ α π ο υ α ν τ ι μ ε τ ω π ί ζ ο υ ν κ α ι ζ η τ ο ύ ν ά μ ε σ η λ ύ σ η α π ό τ η ν κ υ β έ ρ ν η σ η κ α ι τ ο υ ς α ρ μ ό δ ι ο υ ς φ ο ρ ε ί ς τ η ς π ε ρ ι ο χ ή ς μ ε τ ι ς α π ο φ ά σ ε ι ς τ ο υ ς κ α ι τ ι ς ε ν έ ρ γ ε ι ε ς Σ τ ο π λ α ί σ ι ο τ ω ν ε ρ γ α σ ι ώ ν κ α ι τ η ς σ υ ν ε δ ρ ί α σ η ς τ ο υ κ ό μ μ α τ ο ς ο ι ε ρ γ α ζ ό μ ε ν ο ι δ ι α τ υ π ώ ν ο υ ν τ ι ς θ έ σ ε ι ς τ ο υ ς γ ι α τ α π ρ ο β λ ή μ α τ α π ο υ α ν τ ι μ ε τ ω π ί ζ ο υ ν
Το ΙΚΑ
Σ τ ο π λ α ί σ ι ο τ ω ν ε ρ γ α σ ι ώ ν κ α ι τ η ς σ υ ν ε δ ρ ί α σ η ς τ ο υ κ ό μ μ α τ ο ς ο ι ε ρ γ α ζ ό μ ε ν ο ι δ ι α τ υ π ώ ν ο υ ν τ ι ς θ έ σ ε ι ς τ ο υ ς γ ι α τ α π ρ ο β λ ή μ α τ α π ο υ α ν τ ι μ ε τ ω π ί ζ ο υ ν κ α ι ζ η τ ο ύ ν ά μ ε σ η λ ύ σ η α π ό τ η ν κ υ β έ ρ ν η σ η κ α ι τ ο υ ς α ρ μ ό δ ι ο υ ς φ ο ρ ε ί ς τ η ς π ε ρ ι ο χ ή ς μ ε τ ι ς α π ο φ ά σ ε ι ς τ ο υ ς κ α ι τ ι ς ε ν έ ρ γ ε ι ε ς Σ τ ο π λ α ί σ ι ο τ ω ν ε ρ γ α σ ι ώ ν κ α ι τ η ς σ υ ν ε δ ρ ί α σ η ς τ ο υ κ ό μ μ α τ ο ς ο ι ε ρ γ α ζ ό μ ε ν ο ι δ ι α τ υ π ώ ν ο υ ν τ ι ς θ έ σ ε ι ς τ ο υ ς γ ι α τ α π ρ ο β λ ή μ α τ α π ο υ α ν τ ι μ ε τ ω π ί ζ ο υ ν
Η ΔΕΗ
Σ τ ο π λ α ί σ ι ο τ ω ν ε ρ γ α σ ι ώ ν κ α ι τ η ς σ υ ν ε δ ρ ί α σ η ς τ ο υ κ ό μ μ α τ ο ς ο ι ε ρ γ α ζ ό μ ε ν ο ι δ ι α τ υ π ώ ν ο υ ν τ ι ς θ έ σ ε ι ς τ ο υ ς γ ι α τ α π ρ ο β λ ή μ α τ α π ο υ α ν τ ι μ ε τ ω π ί ζ ο υ ν κ α ι ζ η τ ο ύ ν ά μ ε σ η λ ύ σ η α π ό τ η ν κ υ β έ ρ ν η σ η κ α ι τ ο υ ς α ρ μ ό δ ι ο υ ς φ ο ρ ε ί ς τ η ς π ε ρ ι ο χ ή ς μ ε τ ι ς α π ο φ ά σ ε ι ς τ ο υ ς κ α ι τ ι ς ε ν έ ρ γ ε ι ε ς Σ τ ο π λ α ί σ ι ο τ ω ν ε ρ γ α σ ι ώ ν κ α ι τ η ς σ υ ν ε δ ρ ί α σ η ς τ ο υ κ ό μ μ α τ ο ς ο ι ε ρ γ α ζ ό μ ε ν ο ι δ ι α τ υ π ώ ν ο υ ν τ ι ς θ έ σ ε ι ς τ ο υ ς γ ι α τ α π ρ ο β λ ή μ α τ α π ο υ α ν τ ι μ ε τ ω π ί ζ ο υ ν
ΜΙΚΡΕΣ ΑΓΓΕΛΙΕΣ
Σ τ ο π λ α ί σ ι ο τ ω ν ε ρ γ α σ ι ώ ν κ α ι τ η ς σ υ ν ε δ ρ ί α σ η ς τ ο υ κ ό μ μ α τ ο ς ο ι ε ρ γ α ζ ό μ ε ν ο ι δ ι α τ υ π ώ ν ο υ ν τ ι ς θ έ σ ε ι ς τ ο υ ς γ ι α τ α π ρ ο β λ ή μ α τ α π ο υ α ν τ ι μ ε τ ω π ί ζ ο υ ν κ α ι ζ η τ ο ύ ν ά μ ε σ η λ ύ σ η α π ό τ η ν κ υ β έ ρ ν η σ η κ α ι τ ο υ ς α ρ μ ό δ ι ο υ ς φ ο ρ ε ί ς τ η ς π ε ρ ι ο χ ή ς μ ε τ ι ς α π ο φ ά σ ε ι ς τ ο υ ς κ α ι τ ι ς ε ν έ ρ γ ε ι ε ς Σ τ ο π λ α ί σ ι ο τ ω ν ε ρ γ α σ ι ώ ν κ α ι τ η ς σ υ ν ε δ ρ ί α σ η ς τ ο υ κ ό μ μ α τ ο ς ο ι ε ρ γ α ζ ό μ ε ν ο ι δ ι α τ υ π ώ ν ο υ ν τ ι ς θ έ σ ε ι ς τ ο υ ς γ ι α τ α π ρ ο β λ ή μ α τ α π ο υ α ν τ ι μ ε τ ω π ί ζ ο υ ν
ΕΞΟΔΙΟΥ ΒΟΣΚΙΟΥ
Σ τ ο π λ α ί σ ι ο τ ω ν ε ρ γ α σ ι ώ ν κ α ι τ η ς σ υ ν ε δ ρ ί α σ η ς τ ο υ κ ό μ μ α τ ο ς ο ι ε ρ γ α ζ ό μ ε ν ο ι δ ι α τ υ π ώ ν ο υ ν τ ι ς θ έ σ ε ι ς τ ο υ ς γ ι α τ α π ρ ο β λ ή μ α τ α π ο υ α ν τ ι μ ε τ ω π ί ζ ο υ ν κ α ι ζ η τ ο ύ ν ά μ ε σ η λ ύ σ η α π ό τ η ν κ υ β έ ρ ν η σ η κ α ι τ ο υ ς α ρ μ ό δ ι ο υ ς φ ο ρ ε ί ς τ η ς π ε ρ ι ο χ ή ς μ ε τ ι ς α π ο φ ά σ ε ι ς τ ο υ ς κ α ι τ ι ς ε ν έ ρ γ ε ι ε ς Σ τ ο π λ α ί σ ι ο τ ω ν ε ρ γ α σ ι ώ ν κ α ι τ η ς σ υ ν ε δ ρ ί α σ η ς τ ο υ κ ό μ μ α τ ο ς ο ι ε ρ γ α ζ ό μ ε ν ο ι δ ι α τ υ π ώ ν ο υ ν τ ι ς θ έ σ ε ι ς τ ο υ ς γ ι α τ α π ρ ο β λ ή μ α τ α π ο υ α ν τ ι μ ε τ ω π ί ζ ο υ ν
ΧΑΤΖΗΡΑΜΟΣ ΑΝΕΡΓΟΣ
Σ τ ο π λ α ί σ ι ο τ ω ν ε ρ γ α σ ι ώ ν κ α ι τ η ς σ υ ν ε δ ρ ί α σ η ς τ ο υ κ ό μ μ α τ ο ς ο ι ε ρ γ α ζ ό μ ε ν ο ι δ ι α τ υ π ώ ν ο υ ν τ ι ς θ έ σ ε ι ς τ ο υ ς γ ι α τ α π ρ ο β λ ή μ α τ α π ο υ α ν τ ι μ ε τ ω π ί ζ ο υ ν κ α ι ζ η τ ο ύ ν ά μ ε σ η λ ύ σ η α π ό τ η ν κ υ β έ ρ ν η σ η κ α ι τ ο υ ς α ρ μ ό δ ι ο υ ς φ ο ρ ε ί ς τ η ς π ε ρ ι ο χ ή ς μ ε τ ι ς α π ο φ ά σ ε ι ς τ ο υ ς κ α ι τ ι ς ε ν έ ρ γ ε ι ε ς Σ τ ο π λ α ί σ ι ο τ ω ν ε ρ γ α σ ι ώ ν κ α ι τ η ς σ υ ν ε δ ρ ί α σ η ς τ ο υ κ ό μ μ α τ ο ς ο ι ε ρ γ α ζ ό μ ε ν ο ι δ ι α τ υ π ώ ν ο υ ν τ ι ς θ έ σ ε ι ς τ ο υ ς γ ι α τ α π ρ ο β λ ή μ α τ α π ο υ α ν τ ι μ ε τ ω π ί ζ ο υ ν
ΦΡΟΝΤΙΣΤΗΡΙΟ
Σ τ ο π λ α ί σ ι ο τ ω ν ε ρ γ α σ ι ώ ν κ α ι τ η ς σ υ ν ε δ ρ ί α σ η ς τ ο υ κ ό μ μ α τ ο ς ο ι ε ρ γ α ζ ό μ ε ν ο ι δ ι α τ υ π ώ ν ο υ ν τ ι ς θ έ σ ε ι ς τ ο υ ς γ ι α τ α π ρ ο β λ ή μ α τ α π ο υ α ν τ ι μ ε τ ω π ί ζ ο υ ν κ α ι ζ η τ ο ύ ν ά μ ε σ η λ ύ σ η α π ό τ η ν κ υ β έ ρ ν η σ η κ α ι τ ο υ ς α ρ μ ό δ ι ο υ ς φ ο ρ ε ί ς τ η ς π ε ρ ι ο χ ή ς μ ε τ ι ς α π ο φ ά σ ε ι ς τ ο υ ς κ α ι τ ι ς ε ν έ ρ γ ε ι ε ς Σ τ ο π λ α ί σ ι ο τ ω ν ε ρ γ α σ ι ώ ν κ α ι τ η ς σ υ ν ε δ ρ ί α σ η ς τ ο υ κ ό μ μ α τ ο ς ο ι ε ρ γ α ζ ό μ ε ν ο ι δ ι α τ υ π ώ ν ο υ ν τ ι ς θ έ σ ε ι ς τ ο υ ς γ ι α τ α π ρ ο β λ ή μ α τ α π ο υ α ν τ ι μ ε τ ω π ί ζ ο υ ν
ΝΤΙΝΑ ΑΡΒΑΝΙΤΗ
Σ τ ο π λ α ί σ ι ο τ ω ν ε ρ γ α σ ι ώ ν κ α ι τ η ς σ υ ν ε δ ρ ί α σ η ς τ ο υ κ ό μ μ α τ ο ς ο ι ε ρ γ α ζ ό μ ε ν ο ι δ ι α τ υ π ώ ν ο υ ν τ ι ς θ έ σ ε ι ς τ ο υ ς γ ι α τ α π ρ ο β λ ή μ α τ α π ο υ α ν τ ι μ ε τ ω π ί ζ ο υ ν κ α ι ζ η τ ο ύ ν ά μ ε σ η λ ύ σ η α π ό τ η ν κ υ β έ ρ ν η σ η κ α ι τ ο υ ς α ρ μ ό δ ι ο υ ς φ ο ρ ε ί ς τ η ς π ε ρ ι ο χ ή ς μ ε τ ι ς α π ο φ ά σ ε ι ς τ ο υ ς κ α ι τ ι ς ε ν έ ρ γ ε ι ε ς Σ τ ο π λ α ί σ ι ο τ ω ν ε ρ γ α σ ι ώ ν κ α ι τ η ς σ υ ν ε δ ρ ί α σ η ς τ ο υ κ ό μ μ α τ ο ς ο ι ε ρ γ α ζ ό μ ε ν ο ι δ ι α τ υ π ώ ν ο υ ν τ ι ς θ έ σ ε ι ς τ ο υ ς γ ι α τ α π ρ ο β λ ή μ α τ α π ο υ α ν τ ι μ ε τ ω π ί ζ ο υ ν
ΒΑΣΙΛΗΣ ΚΑΡΑΓΙΑΝΝΗΣ
Σ τ ο π λ α ί σ ι ο τ ω ν ε ρ γ α σ ι ώ ν κ α ι τ η ς σ υ ν ε δ ρ ί α σ η ς τ ο υ κ ό μ μ α τ ο ς ο ι ε ρ γ α ζ ό μ ε ν ο ι δ ι α τ υ π ώ ν ο υ ν τ ι ς θ έ σ ε ι ς τ ο υ ς γ ι α τ α π ρ ο β λ ή μ α τ α π ο υ α ν τ ι μ ε τ ω π ί ζ ο υ ν κ α ι ζ η τ ο ύ ν ά μ ε σ η λ ύ σ η α π ό τ η ν κ υ β έ ρ ν η σ η κ α ι τ ο υ ς α ρ μ ό δ ι ο υ ς φ ο ρ ε ί ς τ η ς π ε ρ ι ο χ ή ς μ ε τ ι ς α π ο φ ά σ ε ι ς τ ο υ ς κ α ι τ ι ς ε ν έ ρ γ ε ι ε ς Σ τ ο π λ α ί σ ι ο τ ω ν ε ρ γ α σ ι ώ ν κ α ι τ η ς σ υ ν ε δ ρ ί α σ η ς τ ο υ κ ό μ μ α τ ο ς ο ι ε ρ γ α ζ ό μ ε ν ο ι δ ι α τ υ π ώ ν ο υ ν τ ι ς θ έ σ ε ι ς τ ο υ ς γ ι α τ α π ρ ο β λ ή μ α τ α π ο υ α ν τ ι μ ε τ ω π ί ζ ο υ ν
ΨΥΧΟΛΟΓΟΣ
Σ τ ο π λ α ί σ ι ο τ ω ν ε ρ γ α σ ι ώ ν κ α ι τ η ς σ υ ν ε δ ρ ί α σ η ς τ ο υ κ ό μ μ α τ ο ς ο ι ε ρ γ α ζ ό μ ε ν ο ι δ ι α τ υ π ώ ν ο υ ν τ ι ς θ έ σ ε ι ς τ ο υ ς γ ι α τ α π ρ ο β λ ή μ α τ α π ο υ α ν τ ι μ ε τ ω π ί ζ ο υ ν κ α ι ζ η τ ο ύ ν ά μ ε σ η λ ύ σ η α π ό τ η ν κ υ β έ ρ ν η σ η κ α ι τ ο υ ς α ρ μ ό δ ι ο υ ς φ ο ρ ε ί ς τ η ς π ε ρ ι ο χ ή ς μ ε τ ι ς α π ο φ ά σ ε ι ς τ ο υ ς κ α ι τ ι ς ε ν έ ρ γ ε ι ε ς Σ τ ο π λ α ί σ ι ο τ ω ν ε ρ γ α σ ι ώ ν κ α ι τ η ς σ υ ν ε δ ρ ί α σ η ς τ ο υ κ ό μ μ α τ ο ς ο ι ε ρ γ α ζ ό μ ε ν ο ι δ ι α τ υ π ώ ν ο υ ν τ ι ς θ έ σ ε ι ς τ ο υ ς γ ι α τ α π ρ ο β λ ή μ α τ α π ο υ α ν τ ι μ ε τ ω π ί ζ ο υ ν
ΜΑΘΗΜΑΤΑ
Σ τ ο π λ α ί σ ι ο τ ω ν ε ρ γ α σ ι ώ ν κ α ι τ η ς σ υ ν ε δ ρ ί α σ η ς τ ο υ κ ό μ μ α τ ο ς ο ι ε ρ γ α ζ ό μ ε ν ο ι δ ι α τ υ π ώ ν ο υ ν τ ι ς θ έ σ ε ι ς τ ο υ ς γ ι α τ α π ρ ο β λ ή μ α τ α π ο υ α ν τ ι μ ε τ ω π ί ζ ο υ ν κ α ι ζ η τ ο ύ ν ά μ ε σ η λ ύ σ η α π ό τ η ν κ υ β έ ρ ν η σ η κ α ι τ ο υ ς α ρ μ ό δ ι ο υ ς φ ο ρ ε ί ς τ η ς π ε ρ ι ο χ ή ς μ ε τ ι ς α π ο φ ά σ ε ι ς τ ο υ ς κ α ι τ ι ς ε ν έ ρ γ ε ι ε ς Σ τ ο π λ α ί σ ι ο τ ω ν ε ρ γ α σ ι ώ ν κ α ι τ η ς σ υ ν ε δ ρ ί α σ η ς τ ο υ κ ό μ μ α τ ο ς ο ι ε ρ γ α ζ ό μ ε ν ο ι δ ι α τ υ π ώ ν ο υ ν τ ι ς θ έ σ ε ι ς τ ο υ ς γ ι α τ α π ρ ο β λ ή μ α τ α π ο υ α ν τ ι μ ε τ ω π ί ζ ο υ ν
ΠΟΛΙΤΙΚΟΣ ΜΗΧΑΝΙΚΟΣ
Σ τ ο π λ α ί σ ι ο τ ω ν ε ρ γ α σ ι ώ ν κ α ι τ η ς σ υ ν ε δ ρ ί α σ η ς τ ο υ κ ό μ μ α τ ο ς ο ι ε ρ γ α ζ ό μ ε ν ο ι δ ι α τ υ π ώ ν ο υ ν τ ι ς θ έ σ ε ι ς τ ο υ ς γ ι α τ α π ρ ο β λ ή μ α τ α π ο υ α ν τ ι μ ε τ ω π ί ζ ο υ ν κ α ι ζ η τ ο ύ ν ά μ ε σ η λ ύ σ η α π ό τ η ν κ υ β έ ρ ν η σ η κ α ι τ ο υ ς α ρ μ ό δ ι ο υ ς φ ο ρ ε ί ς τ η ς π ε ρ ι ο χ ή ς μ ε τ ι ς α π ο φ ά σ ε ι ς τ ο υ ς κ α ι τ ι ς ε ν έ ρ γ ε ι ε ς Σ τ ο π λ α ί σ ι ο τ ω ν ε ρ γ α σ ι ώ ν κ α ι τ η ς σ υ ν ε δ ρ ί α σ η ς τ ο υ κ ό μ μ α τ ο ς ο ι ε ρ γ α ζ ό μ ε ν ο ι δ ι α τ υ π ώ ν ο υ ν τ ι ς θ έ σ ε ι ς τ ο υ ς γ ι α τ α π ρ ο β λ ή μ α τ α π ο υ α ν τ ι μ ε τ ω π ί ζ ο υ ν
ΡΙΖΟΣΠΑΣΤΗΣ
Σ τ ο π λ α ί σ ι ο τ ω ν ε ρ γ α σ ι ώ ν κ α ι τ η ς σ υ ν ε δ ρ ί α σ η ς τ ο υ κ ό μ μ α τ ο ς ο ι ε ρ γ α ζ ό μ ε ν ο ι δ ι α τ υ π ώ ν ο υ ν τ ι ς θ έ σ ε ι ς τ ο υ ς γ ι α τ α π ρ ο β λ ή μ α τ α π ο υ α ν τ ι μ ε τ ω π ί ζ ο υ ν κ α ι ζ η τ ο ύ ν ά μ ε σ η λ ύ σ η α π ό τ η ν κ υ β έ ρ ν η σ η κ α ι τ ο υ ς α ρ μ ό δ ι ο υ ς φ ο ρ ε ί ς τ η ς π ε ρ ι ο χ ή ς μ ε τ ι ς α π ο φ ά σ ε ι ς τ ο υ ς κ α ι τ ι ς ε ν έ ρ γ ε ι ε ς Σ τ ο π λ α ί σ ι ο τ ω ν ε ρ γ α σ ι ώ ν κ α ι τ η ς σ υ ν ε δ ρ ί α σ η ς τ ο υ κ ό μ μ α τ ο ς ο ι ε ρ γ α ζ ό μ ε ν ο ι δ ι α τ υ π ώ ν ο υ ν τ ι ς θ έ σ ε ι ς τ ο υ ς γ ι α τ α π ρ ο β λ ή μ α τ α π ο υ α ν τ ι μ ε τ ω π ί ζ ο υ ν
ΣΩΜΑΤΕΙΟΝ ΚΑΘΑΡΙΣΤΡΙΩΝ ΜΕΣΗΣ ΕΚΠΑΙΔΕΥΣΕΩΣ ΔΗΜΟΣΙΩΝ ΣΧΟΛΕΙΩΝ
Σ τ ο π λ α ί σ ι ο τ ω ν ε ρ γ α σ ι ώ ν κ α ι τ η ς σ υ ν ε δ ρ ί α σ η ς τ ο υ κ ό μ μ α τ ο ς ο ι ε ρ γ α ζ ό μ ε ν ο ι δ ι α τ υ π ώ ν ο υ ν τ ι ς θ έ σ ε ι ς τ ο υ ς γ ι α τ α π ρ ο β λ ή μ α τ α π ο υ α ν τ ι μ ε τ ω π ί ζ ο υ ν κ α ι ζ η τ ο ύ ν ά μ ε σ η λ ύ σ η α π ό τ η ν κ υ β έ ρ ν η σ η κ α ι τ ο υ ς α ρ μ ό δ ι ο υ ς φ ο ρ ε ί ς τ η ς π ε ρ ι ο χ ή ς μ ε τ ι ς α π ο φ ά σ ε ι ς τ ο υ ς κ α ι τ ι ς ε ν έ ρ γ ε ι ε ς Σ τ ο π λ α ί σ ι ο τ ω ν ε ρ γ α σ ι ώ ν κ α ι τ η ς σ υ ν ε δ ρ ί α σ η ς τ ο υ κ ό μ μ α τ ο ς ο ι ε ρ γ α ζ ό μ ε ν ο ι δ ι α τ υ π ώ ν ο υ ν τ ι ς θ έ σ ε ι ς τ ο υ ς γ ι α τ α π ρ ο β λ ή μ α τ α π ο υ α ν τ ι μ ε τ ω π ί ζ ο υ ν
Σ τ ο π λ α ί σ ι ο τ ω ν ε ρ γ α σ ι ώ ν κ α ι τ η ς σ υ ν ε δ ρ ί α σ η ς τ ο υ κ ό μ μ α τ ο ς ο ι ε ρ γ α ζ ό μ ε ν ο ι δ ι α τ υ π ώ ν ο υ ν τ ι ς θ έ σ ε ι ς τ ο υ ς γ ι α τ α π ρ ο β λ ή μ α τ α π ο υ α ν τ ι μ ε τ ω π ί ζ ο υ ν κ α ι ζ η τ ο ύ ν ά μ ε σ η λ ύ σ η α π ό τ η ν κ υ β έ ρ ν η σ η κ α ι τ ο υ ς α ρ μ ό δ ι ο υ ς φ ο ρ ε ί ς τ η ς π ε ρ ι ο χ ή ς μ ε τ ι ς α π ο φ ά σ ε ι ς τ ο υ ς κ α ι τ ι ς ε ν έ ρ γ ε ι ε ς Σ τ ο π λ α ί σ ι ο τ ω ν ε ρ γ α σ ι ώ ν κ α ι τ η ς σ υ ν ε δ ρ ί α σ η ς τ ο υ κ ό μ μ α τ ο ς ο ι ε ρ γ α ζ ό μ ε ν ο ι δ ι α τ υ π ώ ν ο υ ν τ ι ς θ έ σ ε ι ς τ ο υ ς γ ι α τ α π ρ ο β λ ή μ α τ α π ο υ α ν τ ι μ ε τ ω π ί ζ ο υ ν
ΔΗΜΟΣ ΚΑΛΛΙΘΕΑΣ
Σ τ ο π λ α ί σ ι ο τ ω ν ε ρ γ α σ ι ώ ν κ α ι τ η ς σ υ ν ε δ ρ ί α σ η ς τ ο υ κ ό μ μ α τ ο ς ο ι ε ρ γ α ζ ό μ ε ν ο ι δ ι α τ υ π ώ ν ο υ ν τ ι ς θ έ σ ε ι ς τ ο υ ς γ ι α τ α π ρ ο β λ ή μ α τ α π ο υ α ν τ ι μ ε τ ω π ί ζ ο υ ν κ α ι ζ η τ ο ύ ν ά μ ε σ η λ ύ σ η α π ό τ η ν κ υ β έ ρ ν η σ η κ α ι τ ο υ ς α ρ μ ό δ ι ο υ ς φ ο ρ ε ί ς τ η ς π ε ρ ι ο χ ή ς μ ε τ ι ς α π ο φ ά σ ε ι ς τ ο υ ς κ α ι τ ι ς ε ν έ ρ γ ε ι ε ς Σ τ ο π λ α ί σ ι ο τ ω ν ε ρ γ α σ ι ώ ν κ α ι τ η ς σ υ ν ε δ ρ ί α σ η ς τ ο υ κ ό μ μ α τ ο ς ο ι ε ρ γ α ζ ό μ ε ν ο ι δ ι α τ υ π ώ ν ο υ ν τ ι ς θ έ σ ε ι ς τ ο υ ς γ ι α τ α π ρ ο β λ ή μ α τ α π ο υ α ν τ ι μ ε τ ω π ί ζ ο υ ν
ΔΗΜΟΣ ΒΥΡΩΝΑ
Σ τ ο π λ α ί σ ι ο τ ω ν ε ρ γ α σ ι ώ ν κ α ι τ η ς σ υ ν ε δ ρ ί α σ η ς τ ο υ κ ό μ μ α τ ο ς ο ι ε ρ γ α ζ ό μ ε ν ο ι δ ι α τ υ π ώ ν ο υ ν τ ι ς θ έ σ ε ι ς τ ο υ ς γ ι α τ α π ρ ο β λ ή μ α τ α π ο υ α ν τ ι μ ε τ ω π ί ζ ο υ ν κ α ι ζ η τ ο ύ ν ά μ ε σ η λ ύ σ η α π ό τ η ν κ υ β έ ρ ν η σ η κ α ι τ ο υ ς α ρ μ ό δ ι ο υ ς φ ο ρ ε ί ς τ η ς π ε ρ ι ο χ ή ς μ ε τ ι ς α π ο φ ά σ ε ι ς τ ο υ ς κ α ι τ ι ς ε ν έ ρ γ ε ι ε ς Σ τ ο π λ α ί σ ι ο τ ω ν ε ρ γ α σ ι ώ ν κ α ι τ η ς σ υ ν ε δ ρ ί α σ η ς τ ο υ κ ό μ μ α τ ο ς ο ι ε ρ γ α ζ ό μ ε ν ο ι δ ι α τ υ π ώ ν ο υ ν τ ι ς θ έ σ ε ι ς τ ο υ ς γ ι α τ α π ρ ο β λ ή μ α τ α π ο υ α ν τ ι μ ε τ ω π ί ζ ο υ ν
Σ τ ο π λ α ί σ ι ο τ ω ν ε ρ γ α σ ι ώ ν κ α ι τ η ς σ υ ν ε δ ρ ί α σ η ς τ ο υ κ ό μ μ α τ ο ς ο ι ε ρ γ α ζ ό μ ε ν ο ι δ ι α τ υ π ώ ν ο υ ν τ ι ς θ έ σ ε ι ς τ ο υ ς γ ι α τ α π ρ ο β λ ή μ α τ α π ο υ α ν τ ι μ ε τ ω π ί ζ ο υ ν κ α ι ζ η τ ο ύ ν ά μ ε σ η λ ύ σ η α π ό τ η ν κ υ β έ ρ ν η σ η κ α ι τ ο υ ς α ρ μ ό δ ι ο υ ς φ ο ρ ε ί ς τ η ς π ε ρ ι ο χ ή ς μ ε τ ι ς α π ο φ ά σ ε ι ς τ ο υ ς κ α ι τ ι ς ε ν έ ρ γ ε ι ε ς Σ τ ο π λ α ί σ ι ο τ ω ν ε ρ γ α σ ι ώ ν κ α ι τ η ς σ υ ν ε δ ρ ί α σ η ς τ ο υ κ ό μ μ α τ ο ς ο ι ε ρ γ α ζ ό μ ε ν ο ι δ ι α τ υ π ώ ν ο υ ν τ ι ς θ έ σ ε ι ς τ ο υ ς γ ι α τ α π ρ ο β λ ή μ α τ α π ο υ α ν τ ι μ ε τ ω π ί ζ ο υ ν
ΟΔΗΝ
Σ τ ο π λ α ί σ ι ο τ ω ν ε ρ γ α σ ι ώ ν κ α ι τ η ς σ υ ν ε δ ρ ί α σ η ς τ ο υ κ ό μ μ α τ ο ς ο ι ε ρ γ α ζ ό μ ε ν ο ι δ ι α τ υ π ώ ν ο υ ν τ ι ς θ έ σ ε ι ς τ ο υ ς γ ι α τ α π ρ ο β λ ή μ α τ α π ο υ α ν τ ι μ ε τ ω π ί ζ ο υ ν κ α ι ζ η τ ο ύ ν ά μ ε σ η λ ύ σ η α π ό τ η ν κ υ β έ ρ ν η σ η κ α ι τ ο υ ς α ρ μ ό δ ι ο υ ς φ ο ρ ε ί ς τ η ς π ε ρ ι ο χ ή ς μ ε τ ι ς α π ο φ ά σ ε ι ς τ ο υ ς κ α ι τ ι ς ε ν έ ρ γ ε ι ε ς Σ τ ο π λ α ί σ ι ο τ ω ν ε ρ γ α σ ι ώ ν κ α ι τ η ς σ υ ν ε δ ρ ί α σ η ς τ ο υ κ ό μ μ α τ ο ς ο ι ε ρ γ α ζ ό μ ε ν ο ι δ ι α τ υ π ώ ν ο υ ν τ ι ς θ έ σ ε ι ς τ ο υ ς γ ι α τ α π ρ ο β λ ή μ α τ α π ο υ α ν τ ι μ ε τ ω π ί ζ ο υ ν
ΠΡΟΣΦΟΡΕΣ
στη μνήμη
ΑΓΩΝΙΣΤΩΝ
Σ τ ο π λ α ί σ ι ο τ ω ν ε ρ γ α σ ι ώ ν κ α ι τ η ς σ υ ν ε δ ρ ί α σ η ς τ ο υ κ ό μ μ α τ ο ς ο ι ε ρ γ α ζ ό μ ε ν ο ι δ ι α τ υ π ώ ν ο υ ν τ ι ς θ έ σ ε ι ς τ ο υ ς γ ι α τ α π ρ ο β λ ή μ α τ α π ο υ α ν τ ι μ ε τ ω π ί ζ ο υ ν κ α ι ζ η τ ο ύ ν ά μ ε σ η λ ύ σ η α π ό τ η ν κ υ β έ ρ ν η σ η κ α ι τ ο υ ς α ρ μ ό δ ι ο υ ς φ ο ρ ε ί ς τ η ς π ε ρ ι ο χ ή ς μ ε τ ι ς α π ο φ ά σ ε ι ς τ ο υ ς κ α ι τ ι ς ε ν έ ρ γ ε ι ε ς Σ τ ο π λ α ί σ ι ο τ ω ν ε ρ γ α σ ι ώ ν κ α ι τ η ς σ υ ν ε δ ρ ί α σ η ς τ ο υ κ ό μ μ α τ ο ς ο ι ε ρ γ α ζ ό μ ε ν ο ι δ ι α τ υ π ώ ν ο υ ν τ ι ς θ έ σ ε ι ς τ ο υ ς γ ι α τ α π ρ ο β λ ή μ α τ α π ο υ α ν τ ι μ ε τ ω π ί ζ ο υ ν
Σ τ ο π λ α ί σ ι ο τ ω ν ε ρ γ α σ ι ώ ν κ α ι τ η ς σ υ ν ε δ ρ ί α σ η ς τ ο υ κ ό μ μ α τ ο ς ο ι ε ρ γ α ζ ό μ ε ν ο ι δ ι α τ υ π ώ ν ο υ ν τ ι ς θ έ σ ε ι ς τ ο υ ς γ ι α τ α π ρ ο β λ ή μ α τ α π ο υ α ν τ ι μ ε τ ω π ί ζ ο υ ν κ α ι ζ η τ ο ύ ν ά μ ε σ η λ ύ σ η α π ό τ η ν κ υ β έ ρ ν η σ η κ α ι τ ο υ ς α ρ μ ό δ ι ο υ ς φ ο ρ ε ί ς τ η ς π ε ρ ι ο χ ή ς μ ε τ ι ς α π ο φ ά σ ε ι ς τ ο υ ς κ α ι τ ι ς ε ν έ ρ γ ε ι ε ς Σ τ ο π λ α ί σ ι ο τ ω ν ε ρ γ α σ ι ώ ν κ α ι τ η ς σ υ ν ε δ ρ ί α σ η ς τ ο υ κ ό μ μ α τ ο ς ο ι ε ρ γ α ζ ό μ ε ν ο ι δ ι α τ υ π ώ ν ο υ ν τ ι ς θ έ σ ε ι ς τ ο υ ς γ ι α τ α π ρ ο β λ ή μ α τ α π ο υ α ν τ ι μ ε τ ω π ί ζ ο υ ν
Σ τ ο π λ α ί σ ι ο τ ω ν ε ρ γ α σ ι ώ ν κ α ι τ η ς σ υ ν ε δ ρ ί α σ η ς τ ο υ κ ό μ μ α τ ο ς ο ι ε ρ γ α ζ ό μ ε ν ο ι δ ι α τ υ π ώ ν ο υ ν τ ι ς θ έ σ ε ι ς τ ο υ ς γ ι α τ α π ρ ο β λ ή μ α τ α π ο υ α ν τ ι μ ε τ ω π ί ζ ο υ ν κ α ι ζ η τ ο ύ ν ά μ ε σ η λ ύ σ η α π ό τ η ν κ υ β έ ρ ν η σ η κ α ι τ ο υ ς α ρ μ ό δ ι ο υ ς φ ο ρ ε ί ς τ η ς π ε ρ ι ο χ ή ς μ ε τ ι ς α π ο φ ά σ ε ι ς τ ο υ ς κ α ι τ ι ς ε ν έ ρ γ ε ι ε ς Σ τ ο π λ α ί σ ι ο τ ω ν ε ρ γ α σ ι ώ ν κ α ι τ η ς σ υ ν ε δ ρ ί α σ η ς τ ο υ κ ό μ μ α τ ο ς ο ι ε ρ γ α ζ ό μ ε ν ο ι δ ι α τ υ π ώ ν ο υ ν τ ι ς θ έ σ ε ι ς τ ο υ ς γ ι α τ α π ρ ο β λ ή μ α τ α π ο υ α ν τ ι μ ε τ ω π ί ζ ο υ ν
Σ τ ο π λ α ί σ ι ο τ ω ν ε ρ γ α σ ι ώ ν κ α ι τ η ς σ υ ν ε δ ρ ί α σ η ς τ ο υ κ ό μ μ α τ ο ς ο ι ε ρ γ α ζ ό μ ε ν ο ι δ ι α τ υ π ώ ν ο υ ν τ ι ς θ έ σ ε ι ς τ ο υ ς γ ι α τ α π ρ ο β λ ή μ α τ α π ο υ α ν τ ι μ ε τ ω π ί ζ ο υ ν κ α ι ζ η τ ο ύ ν ά μ ε σ η λ ύ σ η α π ό τ η ν κ υ β έ ρ ν η σ η κ α ι τ ο υ ς α ρ μ ό δ ι ο υ ς φ ο ρ ε ί ς τ η ς π ε ρ ι ο χ ή ς μ ε τ ι ς α π ο φ ά σ ε ι ς τ ο υ ς κ α ι τ ι ς ε ν έ ρ γ ε ι ε ς Σ τ ο π λ α ί σ ι ο τ ω ν ε ρ γ α σ ι ώ ν κ α ι τ η ς σ υ ν ε δ ρ ί α σ η ς τ ο υ κ ό μ μ α τ ο ς ο ι ε ρ γ α ζ ό μ ε ν ο ι δ ι α τ υ π ώ ν ο υ ν τ ι ς θ έ σ ε ι ς τ ο υ ς γ ι α τ α π ρ ο β λ ή μ α τ α π ο υ α ν τ ι μ ε τ ω π ί ζ ο υ ν
ΜΝΗΜΟΣΥΝΟ
Σ τ ο π λ α ί σ ι ο τ ω ν ε ρ γ α σ ι ώ ν κ α ι τ η ς σ υ ν ε δ ρ ί α σ η ς τ ο υ κ ό μ μ α τ ο ς ο ι ε ρ γ α ζ ό μ ε ν ο ι δ ι α τ υ π ώ ν ο υ ν τ ι ς θ έ σ ε ι ς τ ο υ ς γ ι α τ α π ρ ο β λ ή μ α τ α π ο υ α ν τ ι μ ε τ ω π ί ζ ο υ ν κ α ι ζ η τ ο ύ ν ά μ ε σ η λ ύ σ η α π ό τ η ν κ υ β έ ρ ν η σ η κ α ι τ ο υ ς α ρ μ ό δ ι ο υ ς φ ο ρ ε ί ς τ η ς π ε ρ ι ο χ ή ς μ ε τ ι ς α π ο φ ά σ ε ι ς τ ο υ ς κ α ι τ ι ς ε ν έ ρ γ ε ι ε ς Σ τ ο π λ α ί σ ι ο τ ω ν ε ρ γ α σ ι ώ ν κ α ι τ η ς σ υ ν ε δ ρ ί α σ η ς τ ο υ κ ό μ μ α τ ο ς ο ι ε ρ γ α ζ ό μ ε ν ο ι δ ι α τ υ π ώ ν ο υ ν τ ι ς θ έ σ ε ι ς τ ο υ ς γ ι α τ α π ρ ο β λ ή μ α τ α π ο υ α ν τ ι μ ε τ ω π ί ζ ο υ ν
Ο καιρός
Σ τ ο π λ α ί σ ι ο τ ω ν ε ρ γ α σ ι ώ ν κ α ι τ η ς σ υ ν ε δ ρ ί α σ η ς τ ο υ κ ό μ μ α τ ο ς ο ι ε ρ γ α ζ ό μ ε ν ο ι δ ι α τ υ π ώ ν ο υ ν τ ι ς θ έ σ ε ι ς τ ο υ ς γ ι α τ α π ρ ο β λ ή μ α τ α π ο υ α ν τ ι μ ε τ ω π ί ζ ο υ ν κ α ι ζ η τ ο ύ ν ά μ ε σ η λ ύ σ η α π ό τ η ν κ υ β έ ρ ν η σ η κ α ι τ ο υ ς α ρ μ ό δ ι ο υ ς φ ο ρ ε ί ς τ η ς π ε ρ ι ο χ ή ς μ ε τ ι ς α π ο φ ά σ ε ι ς τ ο υ ς κ α ι τ ι ς ε ν έ ρ γ ε ι ε ς Σ τ ο π λ α ί σ ι ο τ ω ν ε ρ γ α σ ι ώ ν κ α ι τ η ς σ υ ν ε δ ρ ί α σ η ς τ ο υ κ ό μ μ α τ ο ς ο ι ε ρ γ α ζ ό μ ε ν ο ι δ ι α τ υ π ώ ν ο υ ν τ ι ς θ έ σ ε ι ς τ ο υ ς γ ι α τ α π ρ ο β λ ή μ α τ α π ο υ α ν τ ι μ ε τ ω π ί ζ ο υ ν
